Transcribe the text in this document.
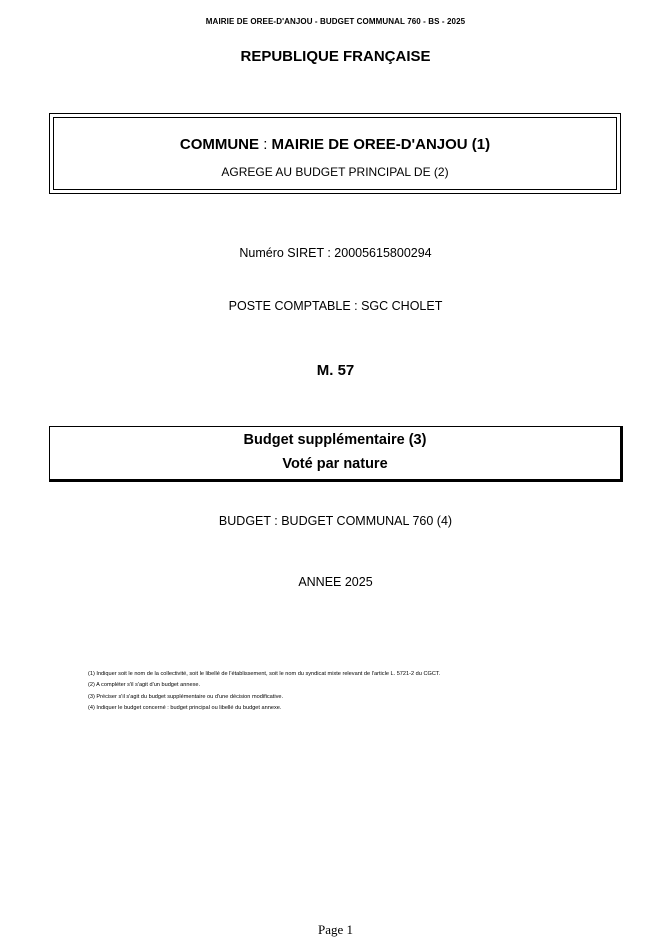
MAIRIE DE OREE-D'ANJOU - BUDGET COMMUNAL 760 - BS - 2025
REPUBLIQUE FRANÇAISE
COMMUNE : MAIRIE DE OREE-D'ANJOU (1)
AGREGE AU BUDGET PRINCIPAL DE (2)
Numéro SIRET : 20005615800294
POSTE COMPTABLE : SGC CHOLET
M. 57
Budget supplémentaire (3)
Voté par nature
BUDGET : BUDGET COMMUNAL 760 (4)
ANNEE 2025
(1) Indiquer soit le nom de la collectivité, soit le libellé de l'établissement, soit le nom du syndicat mixte relevant de l'article L. 5721-2 du CGCT.
(2) A compléter s'il s'agit d'un budget annexe.
(3) Préciser s'il s'agit du budget supplémentaire ou d'une décision modificative.
(4) Indiquer le budget concerné : budget principal ou libellé du budget annexe.
Page 1
